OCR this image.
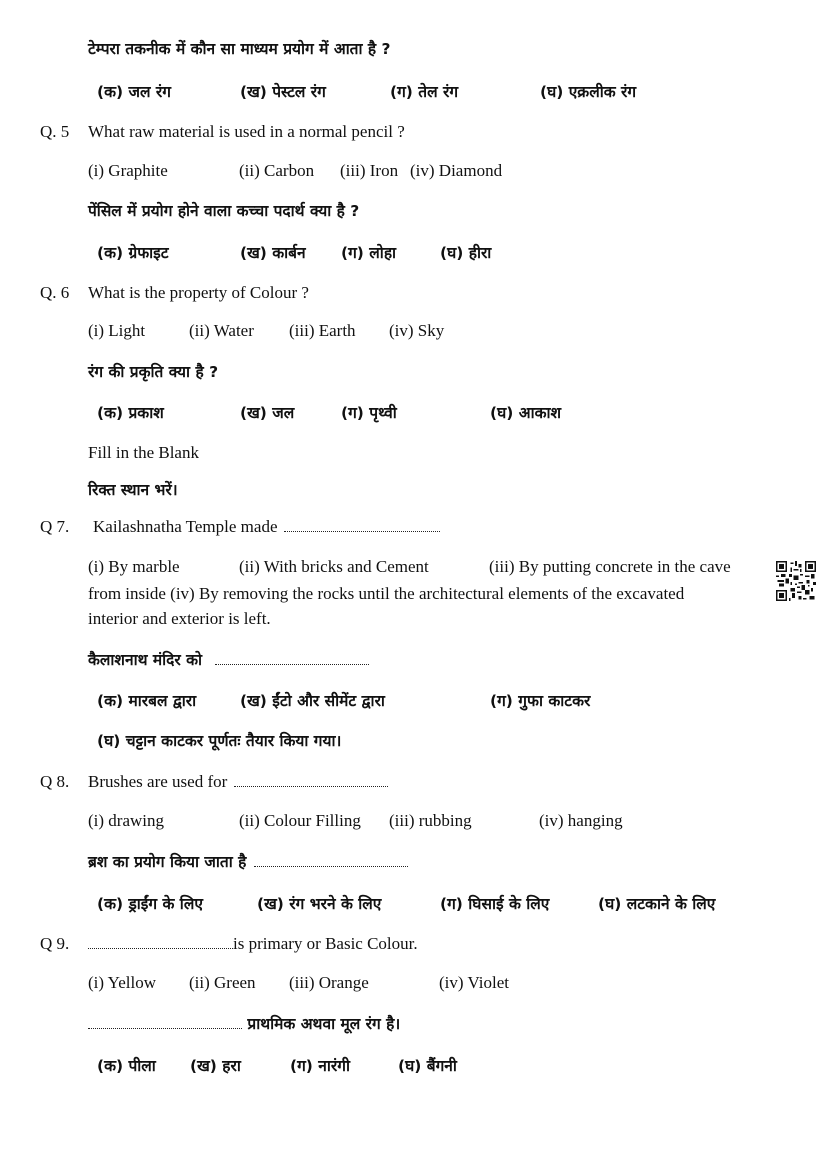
टेम्परा तकनीक में कौन सा माध्यम प्रयोग में आता है ?
(क) जल रंग	(ख) पेस्टल रंग	(ग) तेल रंग	(घ) एक्रलीक रंग
Q. 5 What raw material is used in a normal pencil ?
(i) Graphite	(ii) Carbon (iii) Iron (iv) Diamond
पेंसिल में प्रयोग होने वाला कच्चा पदार्थ क्या है ?
(क) ग्रेफाइट	(ख) कार्बन (ग) लोहा	(घ) हीरा
Q. 6 What is the property of Colour ?
(i) Light	(ii) Water (iii) Earth (iv) Sky
रंग की प्रकृति क्या है ?
(क) प्रकाश	(ख) जल	(ग) पृथ्वी	(घ) आकाश
Fill in the Blank
रिक्त स्थान भरें।
Q 7. Kailashnatha Temple made
(i) By marble	(ii) With bricks and Cement	(iii) By putting concrete in the cave
from inside (iv) By removing the rocks until the architectural elements of the excavated
interior and exterior is left.
कैलाशनाथ मंदिर को
(क) मारबल द्वारा	(ख) ईंटो और सीमेंट द्वारा	(ग) गुफा काटकर
(घ) चट्टान काटकर पूर्णतः तैयार किया गया।
Q 8. Brushes are used for
(i) drawing	(ii) Colour Filling (iii) rubbing	(iv) hanging
ब्रश का प्रयोग किया जाता है
(क) ड्राईंग के लिए	(ख) रंग भरने के लिए	(ग) घिसाई के लिए	(घ) लटकाने के लिए
Q 9.	is primary or Basic Colour.
(i) Yellow (ii) Green (iii) Orange	(iv) Violet
प्राथमिक अथवा मूल रंग है।
(क) पीला (ख) हरा	(ग) नारंगी	(घ) बैंगनी
